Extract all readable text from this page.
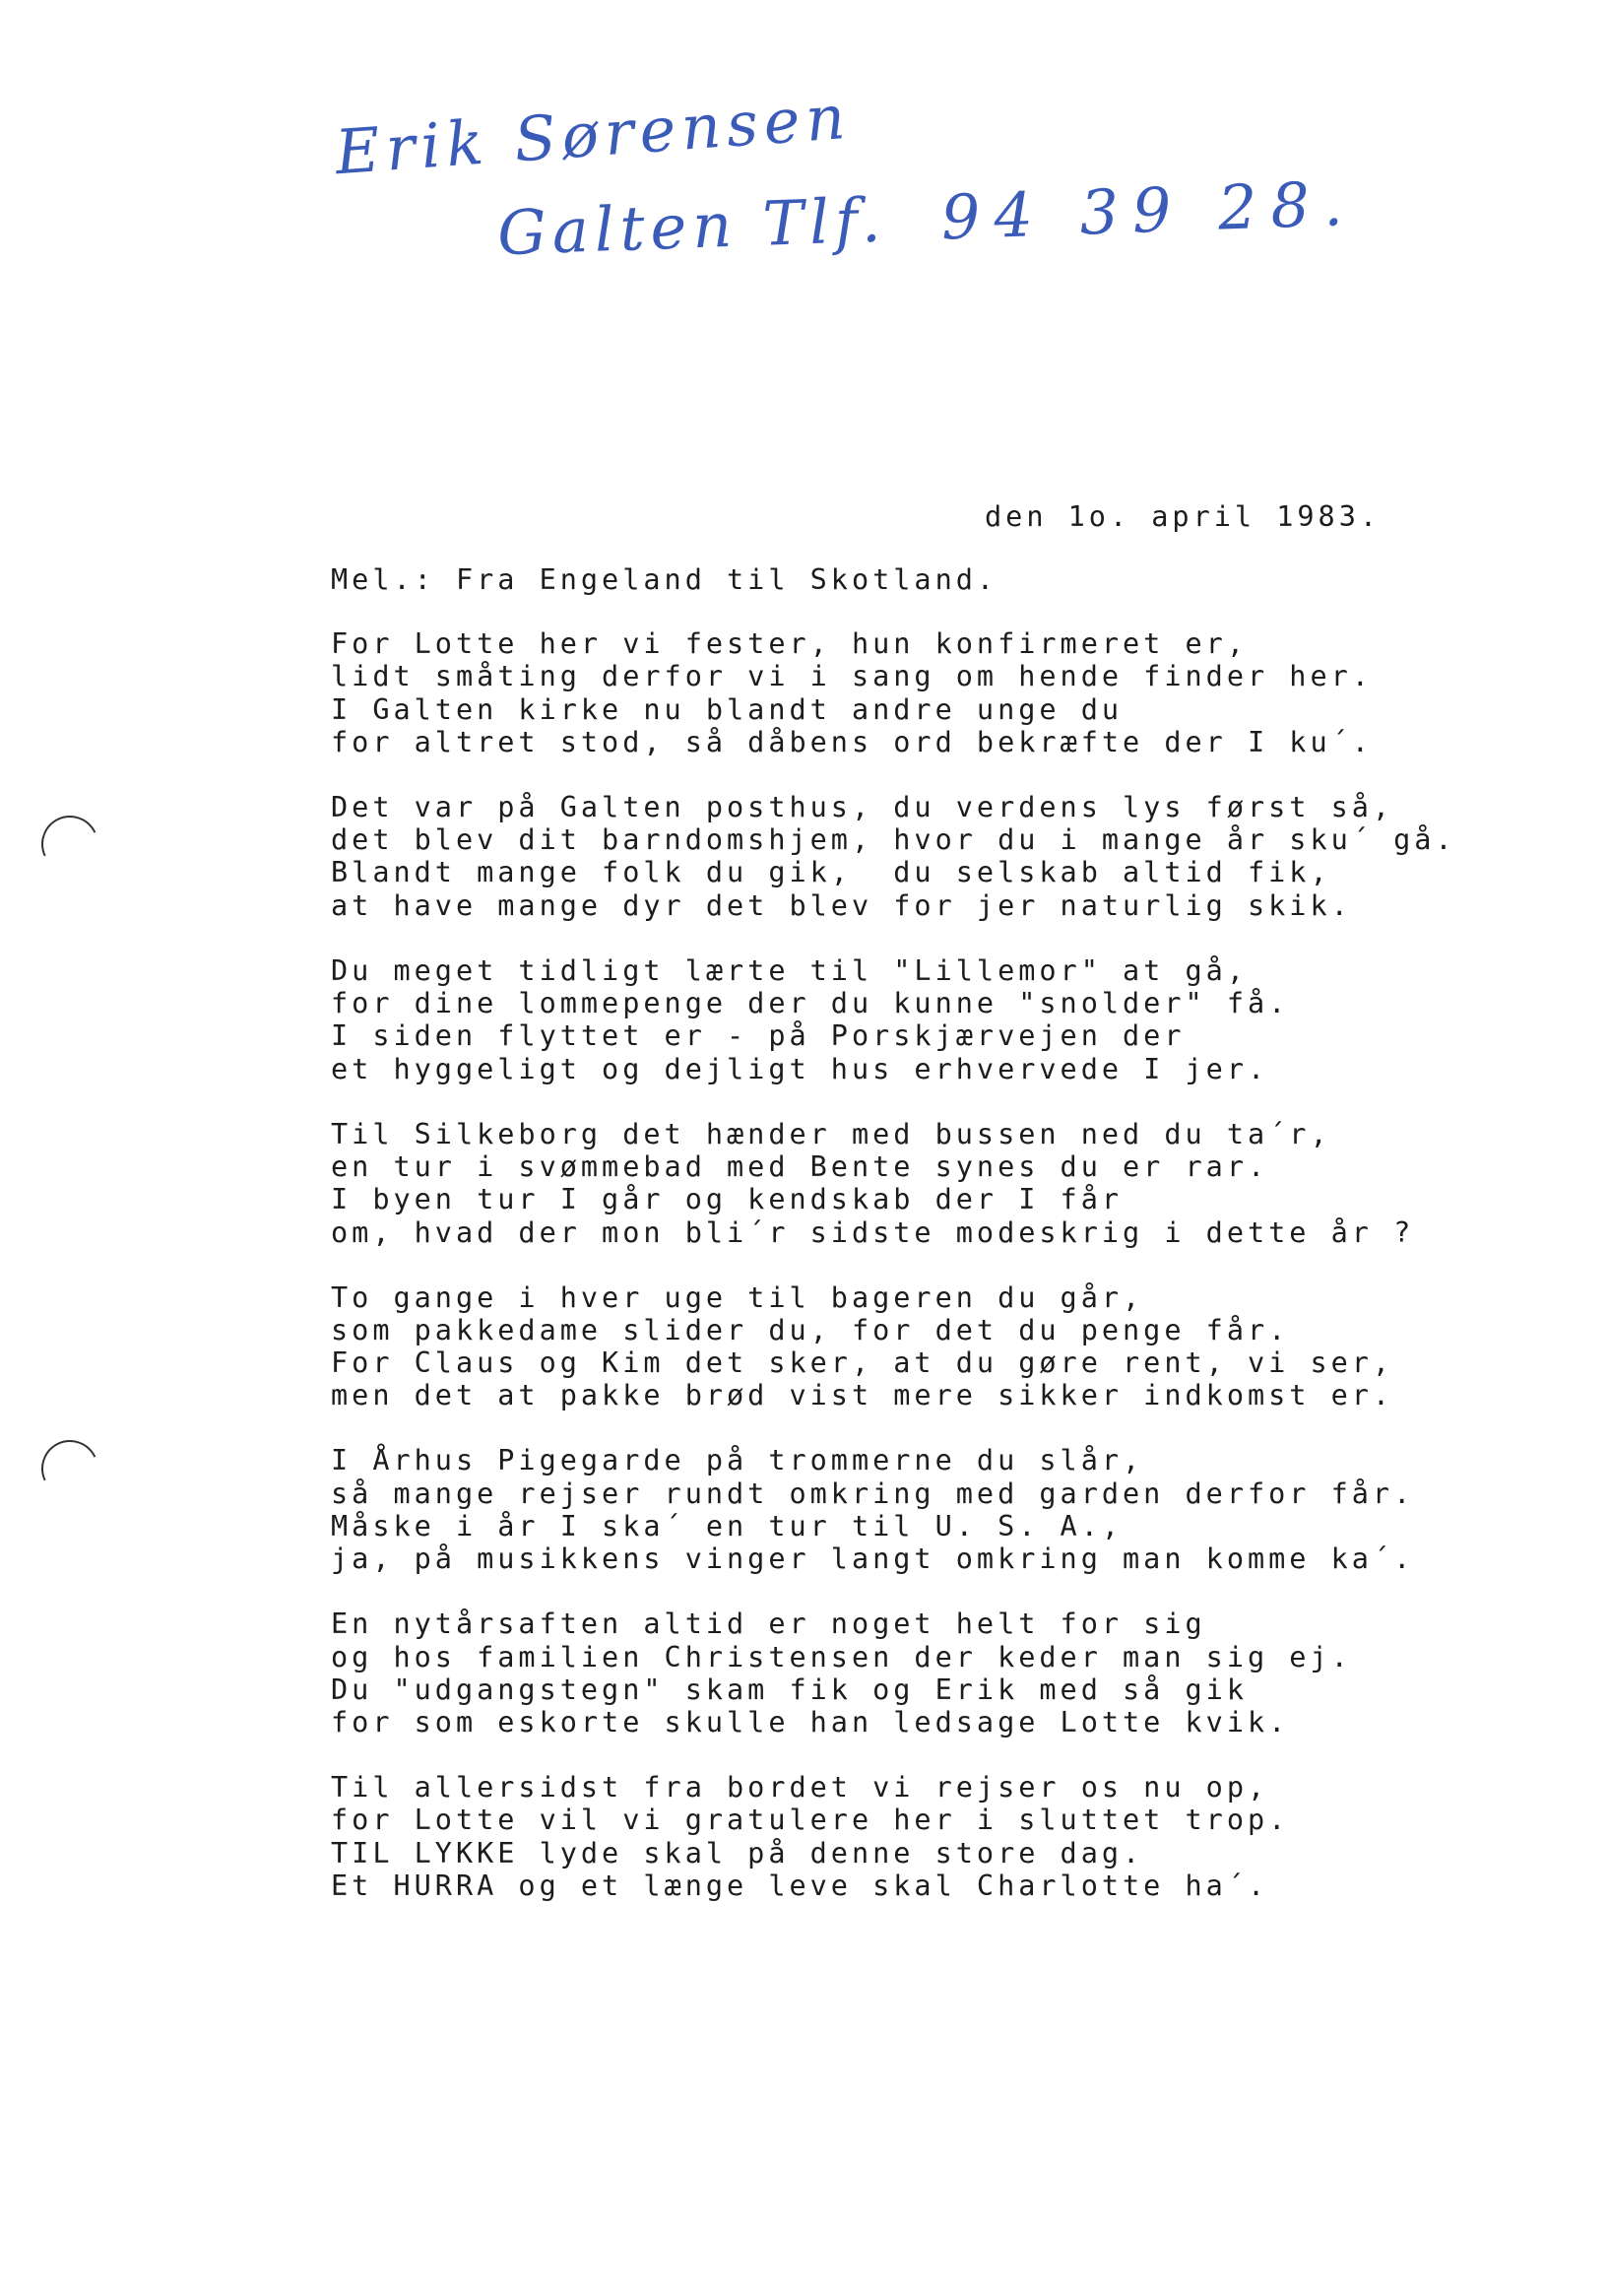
Erik Sørensen
Galten Tlf. 94 39 28.
den 1o. april 1983.
Mel.: Fra Engeland til Skotland.
For Lotte her vi fester, hun konfirmeret er,
lidt småting derfor vi i sang om hende finder her.
I Galten kirke nu blandt andre unge du
for altret stod, så dåbens ord bekræfte der I ku´.
Det var på Galten posthus, du verdens lys først så,
det blev dit barndomshjem, hvor du i mange år sku´ gå.
Blandt mange folk du gik,  du selskab altid fik,
at have mange dyr det blev for jer naturlig skik.
Du meget tidligt lærte til "Lillemor" at gå,
for dine lommepenge der du kunne "snolder" få.
I siden flyttet er - på Porskjærvejen der
et hyggeligt og dejligt hus erhvervede I jer.
Til Silkeborg det hænder med bussen ned du ta´r,
en tur i svømmebad med Bente synes du er rar.
I byen tur I går og kendskab der I får
om, hvad der mon bli´r sidste modeskrig i dette år ?
To gange i hver uge til bageren du går,
som pakkedame slider du, for det du penge får.
For Claus og Kim det sker, at du gøre rent, vi ser,
men det at pakke brød vist mere sikker indkomst er.
I Århus Pigegarde på trommerne du slår,
så mange rejser rundt omkring med garden derfor får.
Måske i år I ska´ en tur til U. S. A.,
ja, på musikkens vinger langt omkring man komme ka´.
En nytårsaften altid er noget helt for sig
og hos familien Christensen der keder man sig ej.
Du "udgangstegn" skam fik og Erik med så gik
for som eskorte skulle han ledsage Lotte kvik.
Til allersidst fra bordet vi rejser os nu op,
for Lotte vil vi gratulere her i sluttet trop.
TIL LYKKE lyde skal på denne store dag.
Et HURRA og et længe leve skal Charlotte ha´.
